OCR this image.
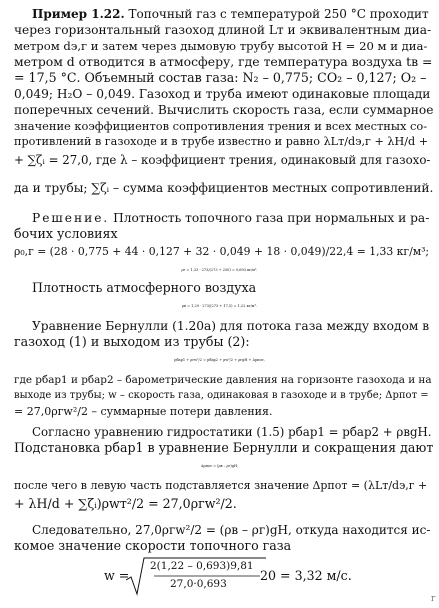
Пример 1.22. Топочный газ с температурой 250 °С проходит

через горизонтальный газоход длиной Lт и эквивалентным диа-

метром dэ,г и затем через дымовую трубу высотой H = 20 м и диа-

метром d отводится в атмосферу, где температура воздуха tв =

= 17,5 °С. Объемный состав газа: N₂ – 0,775; CO₂ – 0,127; O₂ –

0,049; H₂O – 0,049. Газоход и труба имеют одинаковые площади

поперечных сечений. Вычислить скорость газа, если суммарное

значение коэффициентов сопротивления трения и всех местных со-

противлений в газоходе и в трубе известно и равно λLт/dэ,г + λH/d +

+ ∑ζᵢ = 27,0, где λ – коэффициент трения, одинаковый для газохо-

да и трубы; ∑ζᵢ – сумма коэффициентов местных сопротивлений.

Решение. Плотность топочного газа при нормальных и ра-

бочих условиях

ρ₀,г = (28 · 0,775 + 44 · 0,127 + 32 · 0,049 + 18 · 0,049)/22,4 = 1,33 кг/м³;

ρг = 1,33 · 273/(273 + 250) = 0,693 кг/м³.

Плотность атмосферного воздуха

ρв = 1,29 · 273/(273 + 17,5) = 1,22 кг/м³.

Уравнение Бернулли (1.20а) для потока газа между входом в

газоход (1) и выходом из трубы (2):

pбар1 + ρгw²/2 = pбар2 + ρw²/2 + ρгgH + Δpпот,

где pбар1 и pбар2 – барометрические давления на горизонте газохода и на

выходе из трубы; w – скорость газа, одинаковая в газоходе и в трубе; Δpпот =

= 27,0ρгw²/2 – суммарные потери давления.

Согласно уравнению гидростатики (1.5) pбар1 = pбар2 + ρвgH.

Подстановка pбар1 в уравнение Бернулли и сокращения дают

Δpпот = (ρв – ρг)gH,

после чего в левую часть подставляется значение Δpпот = (λLт/dэ,г +

+ λH/d + ∑ζᵢ)ρwт²/2 = 27,0ρгw²/2.

Следовательно, 27,0ρгw²/2 = (ρв – ρг)gH, откуда находится ис-

комое значение скорости топочного газа

w =
2(1,22 – 0,693)9,81
27,0·0,693
20 = 3,32 м/с.
г
